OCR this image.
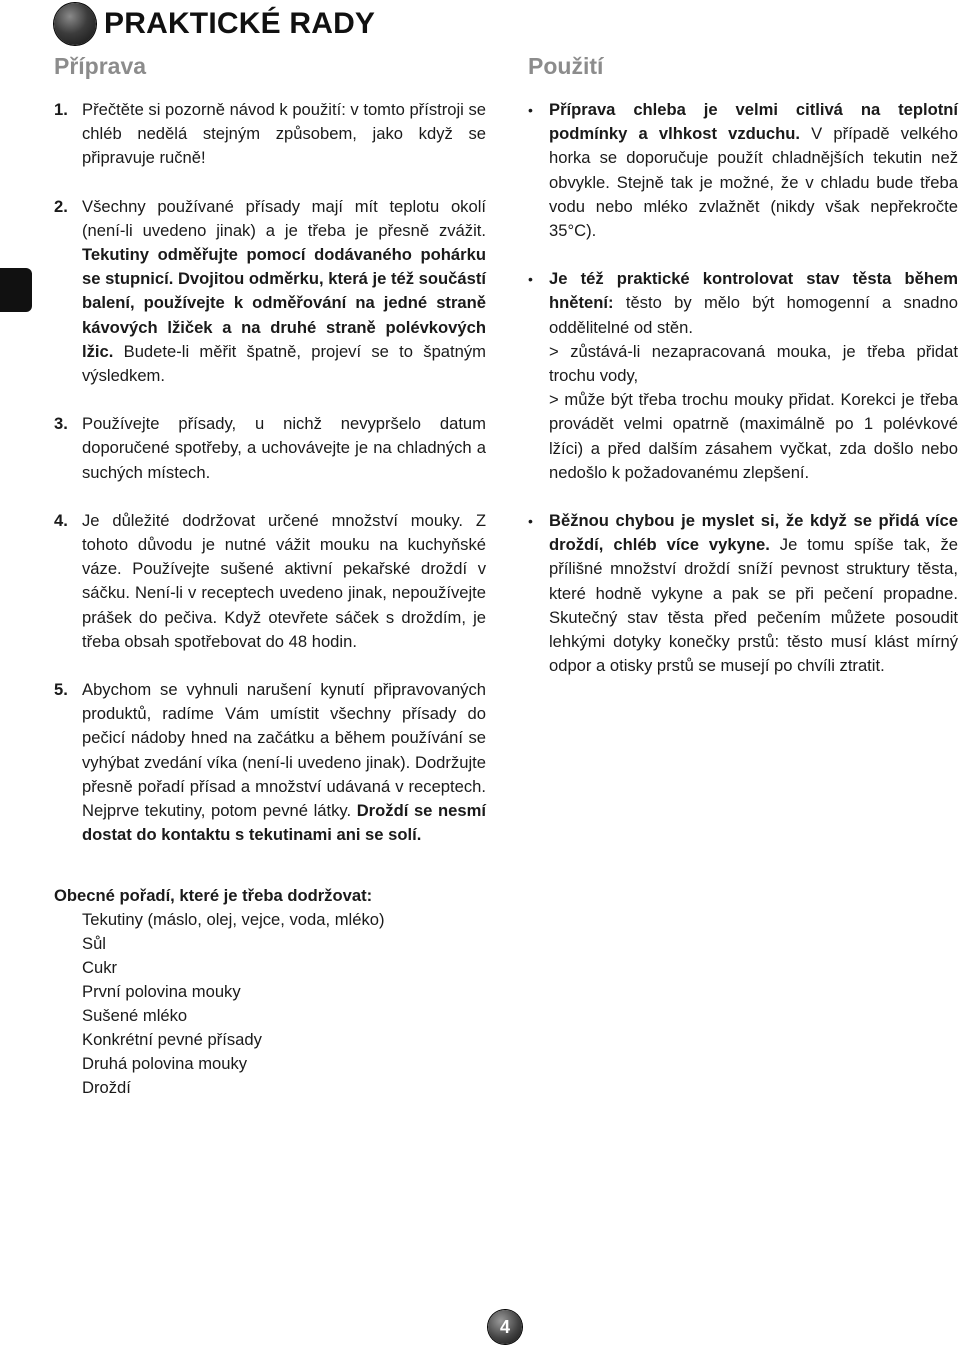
PRAKTICKÉ RADY
Příprava
1. Přečtěte si pozorně návod k použití: v tomto přístroji se chléb nedělá stejným způsobem, jako když se připravuje ručně!
2. Všechny používané přísady mají mít teplotu okolí (není-li uvedeno jinak) a je třeba je přesně zvážit. Tekutiny odměřujte pomocí dodávaného pohárku se stupnicí. Dvojitou odměrku, která je též součástí balení, používejte k odměřování na jedné straně kávových lžiček a na druhé straně polévkových lžic. Budete-li měřit špatně, projeví se to špatným výsledkem.
3. Používejte přísady, u nichž nevypršelo datum doporučené spotřeby, a uchovávejte je na chladných a suchých místech.
4. Je důležité dodržovat určené množství mouky. Z tohoto důvodu je nutné vážit mouku na kuchyňské váze. Používejte sušené aktivní pekařské droždí v sáčku. Není-li v receptech uvedeno jinak, nepoužívejte prášek do pečiva. Když otevřete sáček s droždím, je třeba obsah spotřebovat do 48 hodin.
5. Abychom se vyhnuli narušení kynutí připravovaných produktů, radíme Vám umístit všechny přísady do pečicí nádoby hned na začátku a během používání se vyhýbat zvedání víka (není-li uvedeno jinak). Dodržujte přesně pořadí přísad a množství udávaná v receptech. Nejprve tekutiny, potom pevné látky. Droždí se nesmí dostat do kontaktu s tekutinami ani se solí.
Použití
• Příprava chleba je velmi citlivá na teplotní podmínky a vlhkost vzduchu. V případě velkého horka se doporučuje použít chladnějších tekutin než obvykle. Stejně tak je možné, že v chladu bude třeba vodu nebo mléko zvlažnět (nikdy však nepřekročte 35°C).
• Je též praktické kontrolovat stav těsta během hnětení: těsto by mělo být homogenní a snadno oddělitelné od stěn.
> zůstává-li nezapracovaná mouka, je třeba přidat trochu vody,
> může být třeba trochu mouky přidat. Korekci je třeba provádět velmi opatrně (maximálně po 1 polévkové lžíci) a před dalším zásahem vyčkat, zda došlo nebo nedošlo k požadovanému zlepšení.
• Běžnou chybou je myslet si, že když se přidá více droždí, chléb více vykyne. Je tomu spíše tak, že přílišné množství droždí sníží pevnost struktury těsta, které hodně vykyne a pak se při pečení propadne. Skutečný stav těsta před pečením můžete posoudit lehkými dotyky konečky prstů: těsto musí klást mírný odpor a otisky prstů se musejí po chvíli ztratit.
Obecné pořadí, které je třeba dodržovat:
Tekutiny (máslo, olej, vejce, voda, mléko)
Sůl
Cukr
První polovina mouky
Sušené mléko
Konkrétní pevné přísady
Druhá polovina mouky
Droždí
4
